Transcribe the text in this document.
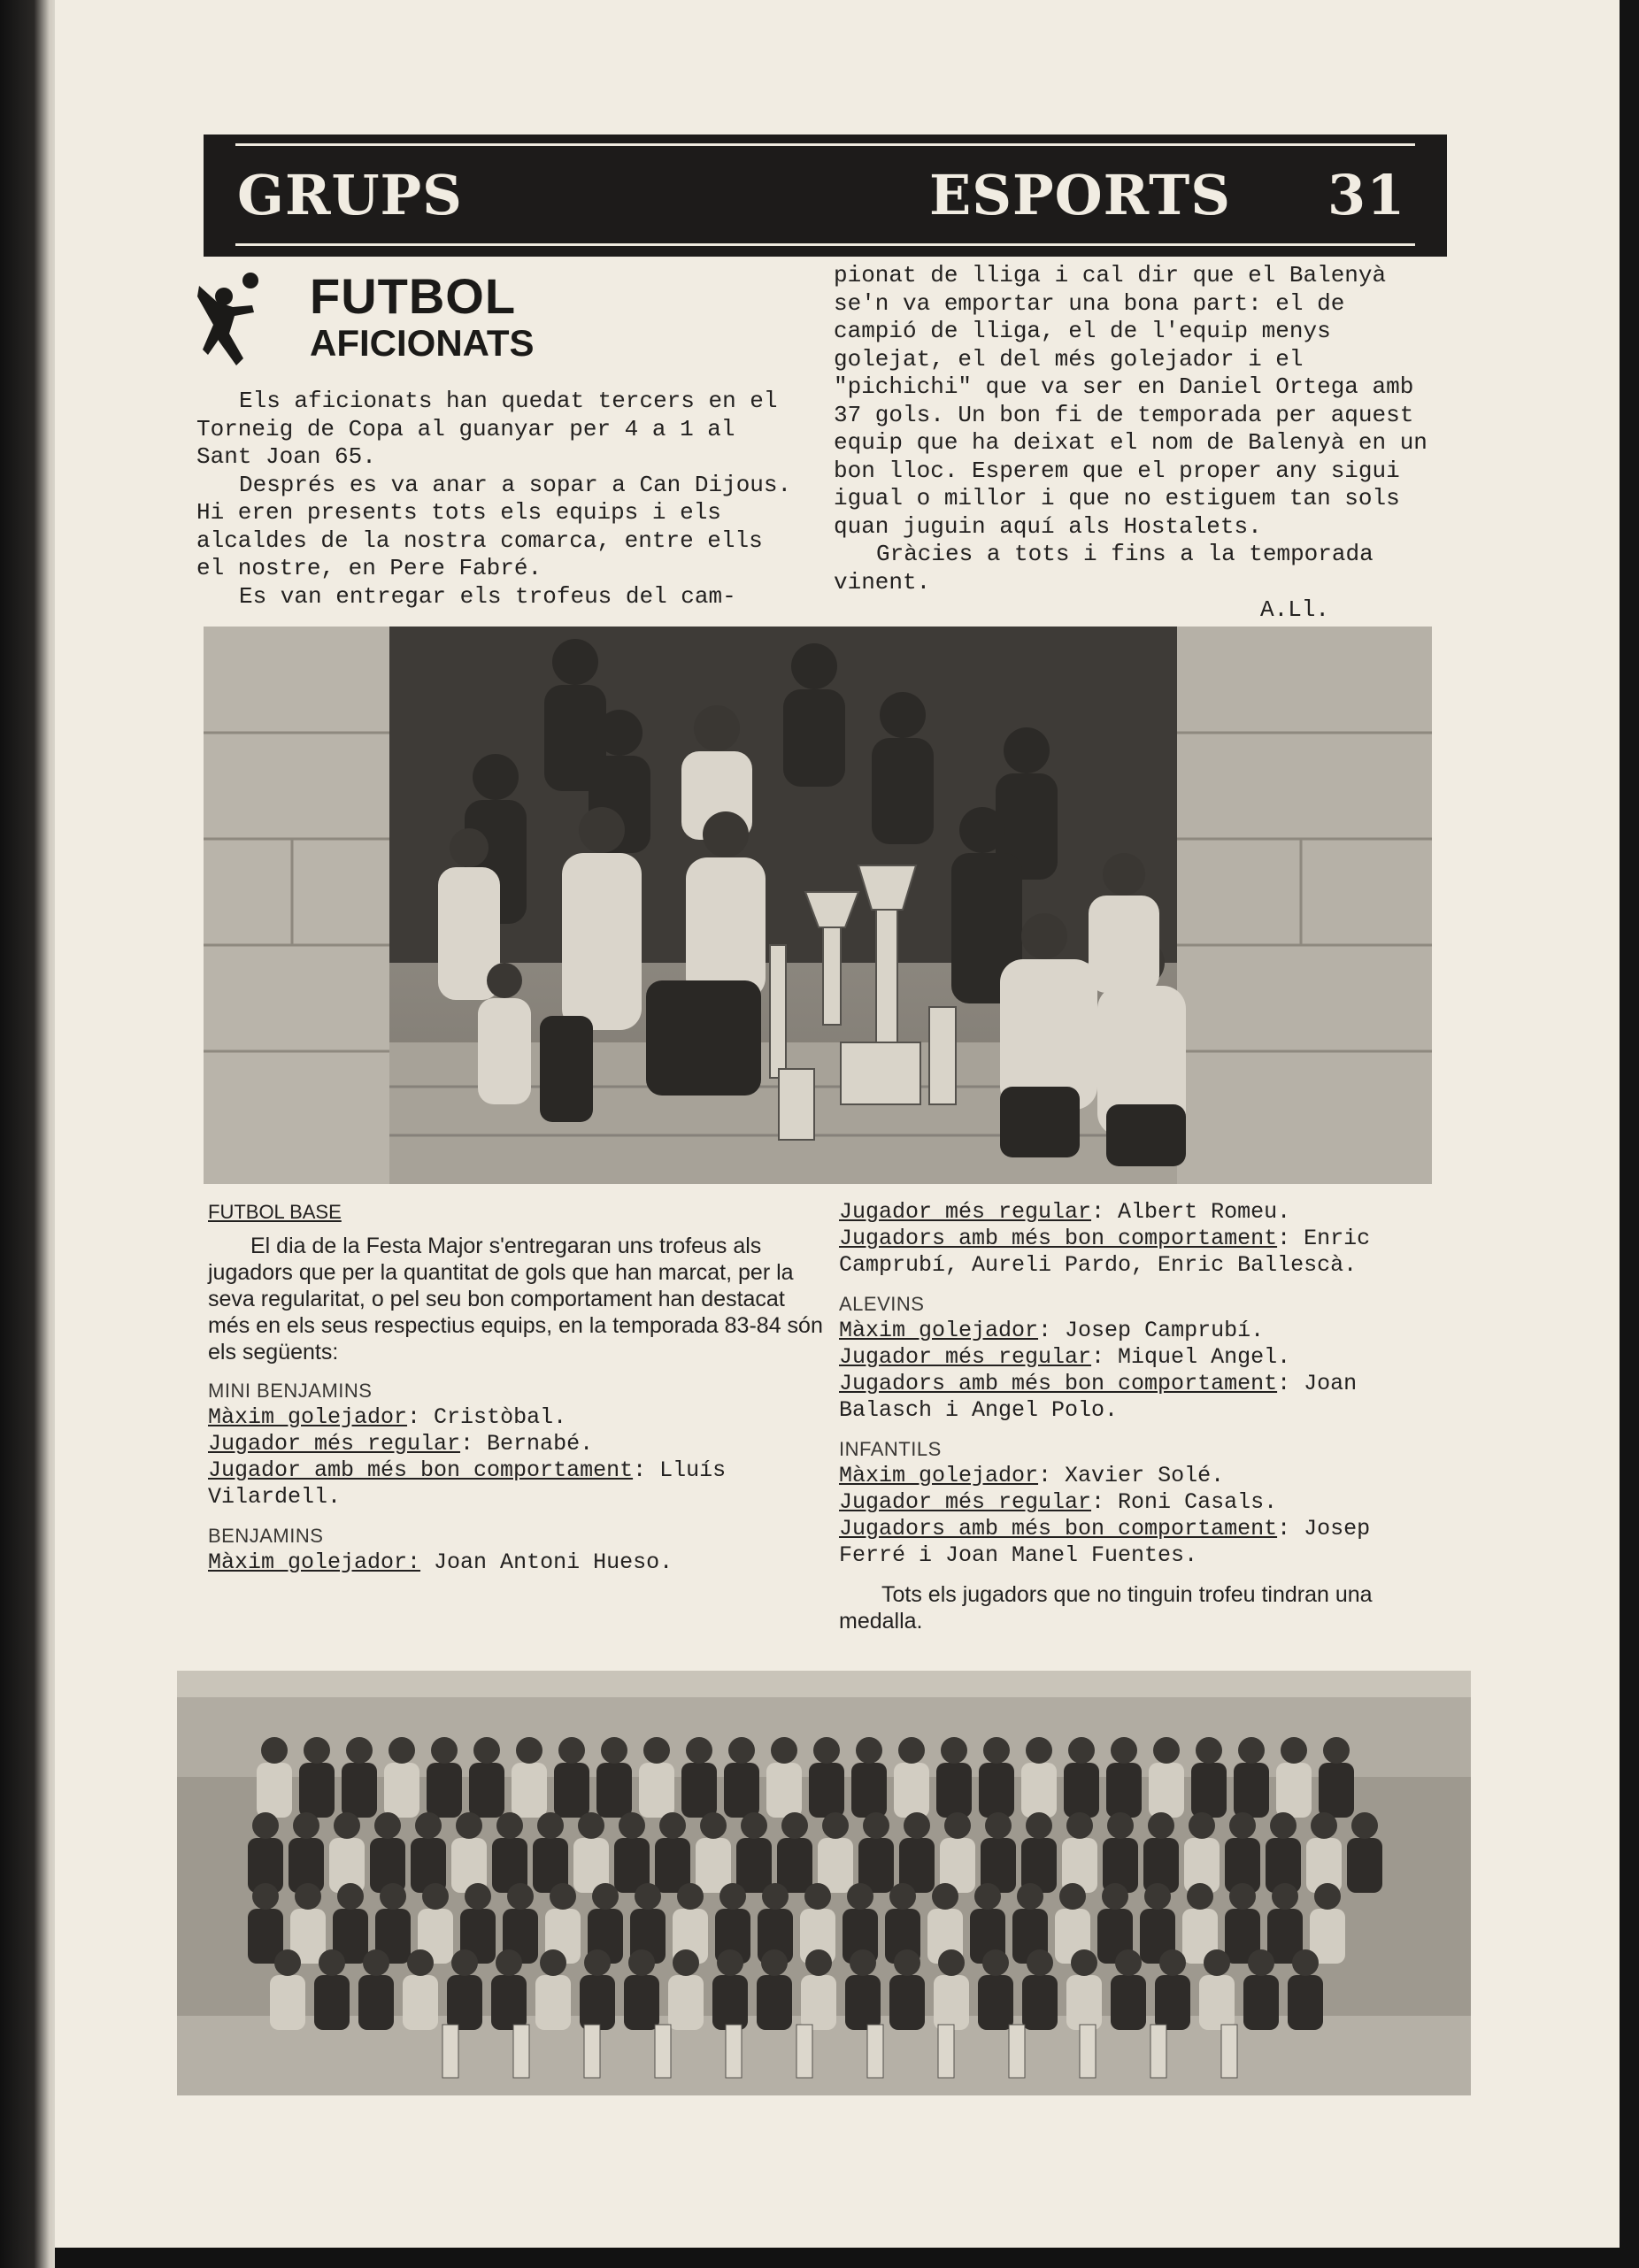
GRUPS	ESPORTS 31
FUTBOL
AFICIONATS

Els aficionats han quedat tercers en el Torneig de Copa al guanyar per 4 a 1 al Sant Joan 65.

Després es va anar a sopar a Can Dijous. Hi eren presents tots els equips i els alcaldes de la nostra comarca, entre ells el nostre, en Pere Fabré.

Es van entregar els trofeus del cam-

pionat de lliga i cal dir que el Balenyà se'n va emportar una bona part: el de campió de lliga, el de l'equip menys golejat, el del més golejador i el "pichichi" que va ser en Daniel Ortega amb 37 gols. Un bon fi de temporada per aquest equip que ha deixat el nom de Balenyà en un bon lloc. Esperem que el proper any sigui igual o millor i que no estiguem tan sols quan juguin aquí als Hostalets.

Gràcies a tots i fins a la temporada vinent.

A.Ll.

FUTBOL BASE

El dia de la Festa Major s'entregaran uns trofeus als jugadors que per la quantitat de gols que han marcat, per la seva regularitat, o pel seu bon comportament han destacat més en els seus respectius equips, en la temporada 83-84 són els següents:

MINI BENJAMINS

Màxim golejador: Cristòbal.

Jugador més regular: Bernabé.

Jugador amb més bon comportament: Lluís Vilardell.

BENJAMINS

Màxim golejador: Joan Antoni Hueso.

Jugador més regular: Albert Romeu.

Jugadors amb més bon comportament: Enric Camprubí, Aureli Pardo, Enric Ballescà.

ALEVINS

Màxim golejador: Josep Camprubí.

Jugador més regular: Miquel Angel.

Jugadors amb més bon comportament: Joan Balasch i Angel Polo.

INFANTILS

Màxim golejador: Xavier Solé.

Jugador més regular: Roni Casals.

Jugadors amb més bon comportament: Josep Ferré i Joan Manel Fuentes.

Tots els jugadors que no tinguin trofeu tindran una medalla.
